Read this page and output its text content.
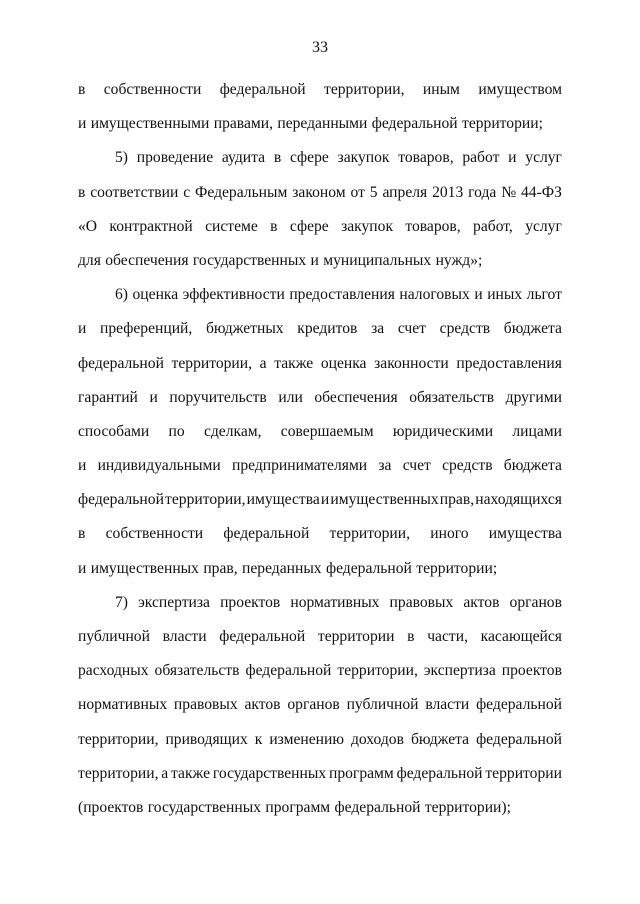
33
в собственности федеральной территории, иным имуществом
и имущественными правами, переданными федеральной территории;
5) проведение аудита в сфере закупок товаров, работ и услуг
в соответствии с Федеральным законом от 5 апреля 2013 года № 44-ФЗ
«О контрактной системе в сфере закупок товаров, работ, услуг
для обеспечения государственных и муниципальных нужд»;
6) оценка эффективности предоставления налоговых и иных льгот
и преференций, бюджетных кредитов за счет средств бюджета
федеральной территории, а также оценка законности предоставления
гарантий и поручительств или обеспечения обязательств другими
способами по сделкам, совершаемым юридическими лицами
и индивидуальными предпринимателями за счет средств бюджета
федеральной территории, имущества и имущественных прав, находящихся
в собственности федеральной территории, иного имущества
и имущественных прав, переданных федеральной территории;
7) экспертиза проектов нормативных правовых актов органов
публичной власти федеральной территории в части, касающейся
расходных обязательств федеральной территории, экспертиза проектов
нормативных правовых актов органов публичной власти федеральной
территории, приводящих к изменению доходов бюджета федеральной
территории, а также государственных программ федеральной территории
(проектов государственных программ федеральной территории);
